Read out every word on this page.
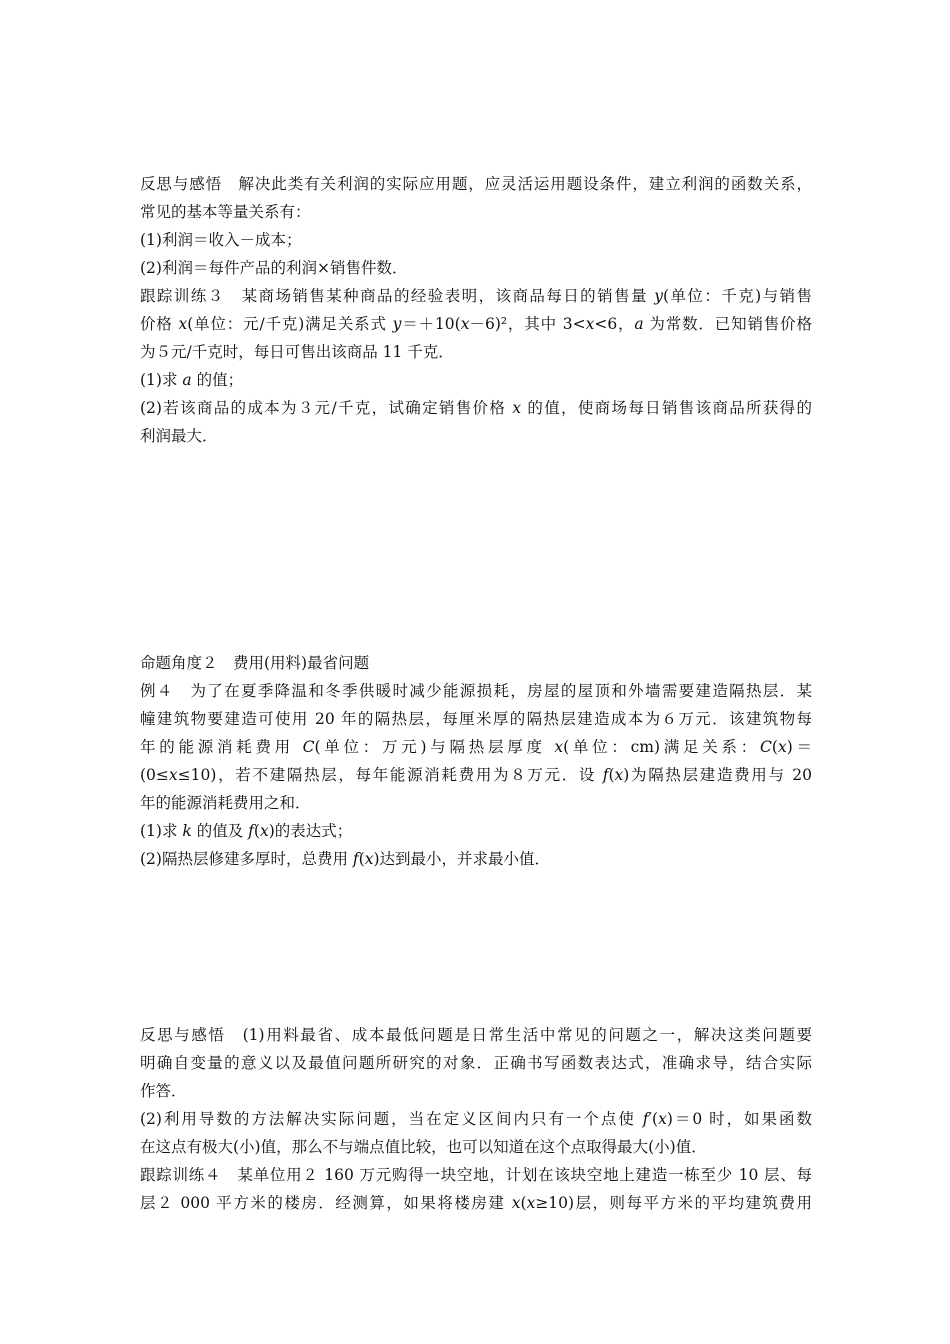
反思与感悟　解决此类有关利润的实际应用题，应灵活运用题设条件，建立利润的函数关系，
常见的基本等量关系有：
(1)利润＝收入－成本；
(2)利润＝每件产品的利润×销售件数．
跟踪训练３　某商场销售某种商品的经验表明，该商品每日的销售量 y(单位：千克)与销售
价格 x(单位：元/千克)满足关系式 y＝＋10(x－6)²，其中 3<x<6，a 为常数．已知销售价格
为５元/千克时，每日可售出该商品 11 千克．
(1)求 a 的值；
(2)若该商品的成本为３元/千克，试确定销售价格 x 的值，使商场每日销售该商品所获得的
利润最大．
命题角度２　费用(用料)最省问题
例４　为了在夏季降温和冬季供暖时减少能源损耗，房屋的屋顶和外墙需要建造隔热层．某
幢建筑物要建造可使用 20 年的隔热层，每厘米厚的隔热层建造成本为６万元．该建筑物每
年的能源消耗费用 C(单位：万元)与隔热层厚度 x(单位：cm)满足关系：C(x)＝
(0≤x≤10)，若不建隔热层，每年能源消耗费用为８万元．设 f(x)为隔热层建造费用与 20
年的能源消耗费用之和．
(1)求 k 的值及 f(x)的表达式；
(2)隔热层修建多厚时，总费用 f(x)达到最小，并求最小值．
反思与感悟　(1)用料最省、成本最低问题是日常生活中常见的问题之一，解决这类问题要
明确自变量的意义以及最值问题所研究的对象．正确书写函数表达式，准确求导，结合实际
作答．
(2)利用导数的方法解决实际问题，当在定义区间内只有一个点使 f′(x)＝0 时，如果函数
在这点有极大(小)值，那么不与端点值比较，也可以知道在这个点取得最大(小)值．
跟踪训练４　某单位用２ 160 万元购得一块空地，计划在该块空地上建造一栋至少 10 层、每
层２ 000 平方米的楼房．经测算，如果将楼房建 x(x≥10)层，则每平方米的平均建筑费用
